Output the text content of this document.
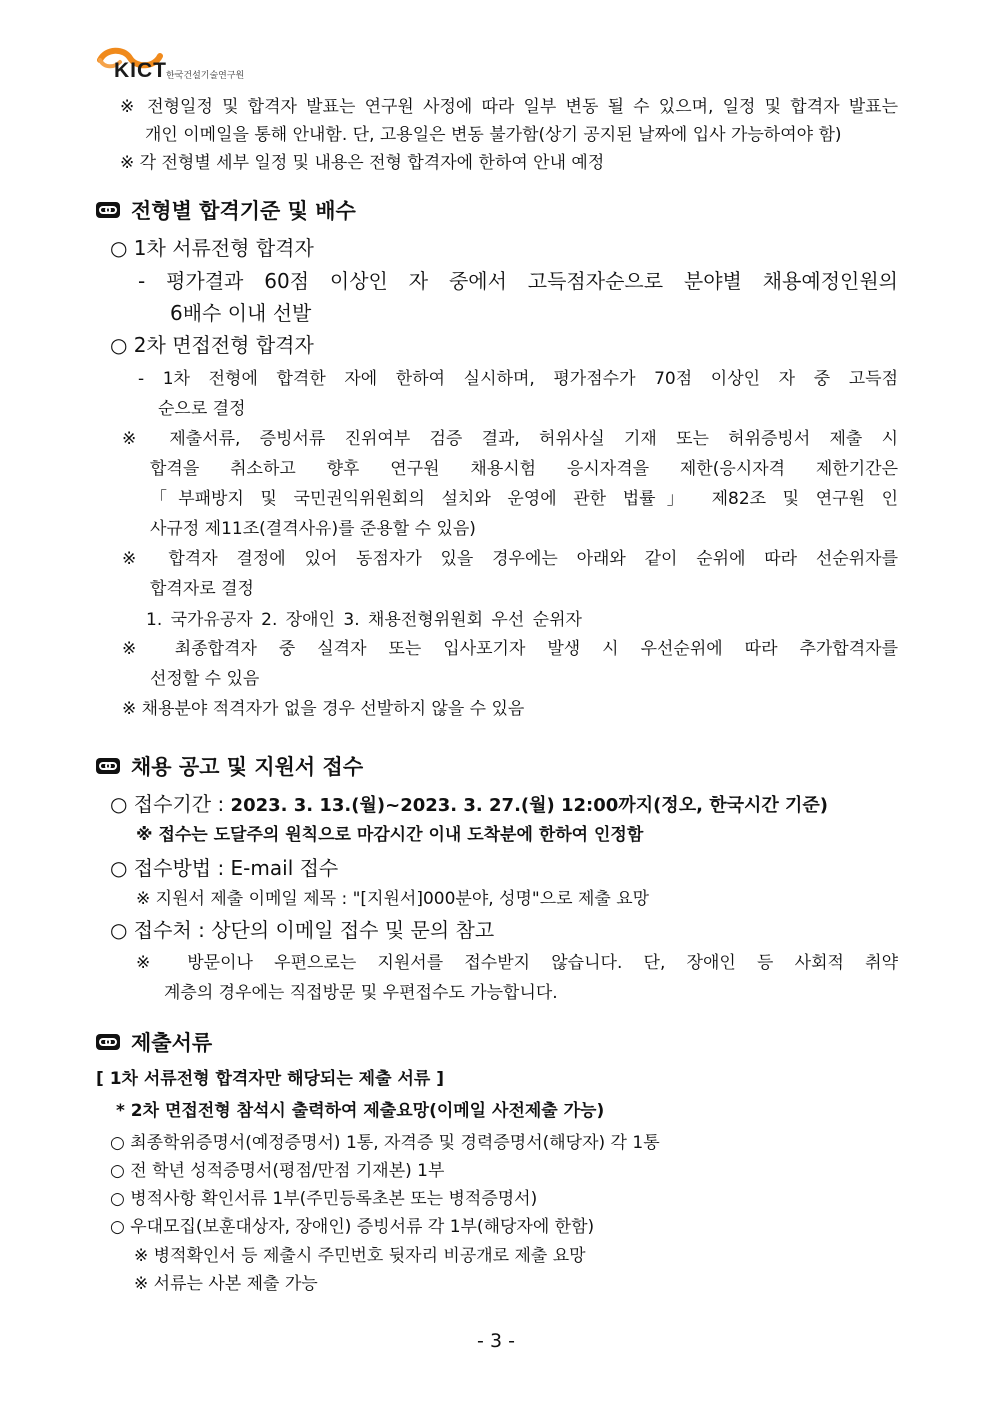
KICT 한국건설기술연구원
※ 전형일정 및 합격자 발표는 연구원 사정에 따라 일부 변동 될 수 있으며, 일정 및 합격자 발표는
개인 이메일을 통해 안내함. 단, 고용일은 변동 불가함(상기 공지된 날짜에 입사 가능하여야 함)
※ 각 전형별 세부 일정 및 내용은 전형 합격자에 한하여 안내 예정
전형별 합격기준 및 배수
○ 1차 서류전형 합격자
- 평가결과 60점 이상인 자 중에서 고득점자순으로 분야별 채용예정인원의
6배수 이내 선발
○ 2차 면접전형 합격자
- 1차 전형에 합격한 자에 한하여 실시하며, 평가점수가 70점 이상인 자 중 고득점
순으로 결정
※ 제출서류, 증빙서류 진위여부 검증 결과, 허위사실 기재 또는 허위증빙서 제출 시
합격을 취소하고 향후 연구원 채용시험 응시자격을 제한(응시자격 제한기간은
「부패방지 및 국민권익위원회의 설치와 운영에 관한 법률」 제82조 및 연구원 인
사규정 제11조(결격사유)를 준용할 수 있음)
※ 합격자 결정에 있어 동점자가 있을 경우에는 아래와 같이 순위에 따라 선순위자를
합격자로 결정
1. 국가유공자 2. 장애인 3. 채용전형위원회 우선 순위자
※ 최종합격자 중 실격자 또는 입사포기자 발생 시 우선순위에 따라 추가합격자를
선정할 수 있음
※ 채용분야 적격자가 없을 경우 선발하지 않을 수 있음
채용 공고 및 지원서 접수
○ 접수기간 : 2023. 3. 13.(월)~2023. 3. 27.(월) 12:00까지(정오, 한국시간 기준)
※ 접수는 도달주의 원칙으로 마감시간 이내 도착분에 한하여 인정함
○ 접수방법 : E-mail 접수
※ 지원서 제출 이메일 제목 : "[지원서]000분야, 성명"으로 제출 요망
○ 접수처 : 상단의 이메일 접수 및 문의 참고
※ 방문이나 우편으로는 지원서를 접수받지 않습니다. 단, 장애인 등 사회적 취약
계층의 경우에는 직접방문 및 우편접수도 가능합니다.
제출서류
[ 1차 서류전형 합격자만 해당되는 제출 서류 ]
* 2차 면접전형 참석시 출력하여 제출요망(이메일 사전제출 가능)
○ 최종학위증명서(예정증명서) 1통, 자격증 및 경력증명서(해당자) 각 1통
○ 전 학년 성적증명서(평점/만점 기재본) 1부
○ 병적사항 확인서류 1부(주민등록초본 또는 병적증명서)
○ 우대모집(보훈대상자, 장애인) 증빙서류 각 1부(해당자에 한함)
※ 병적확인서 등 제출시 주민번호 뒷자리 비공개로 제출 요망
※ 서류는 사본 제출 가능
- 3 -
